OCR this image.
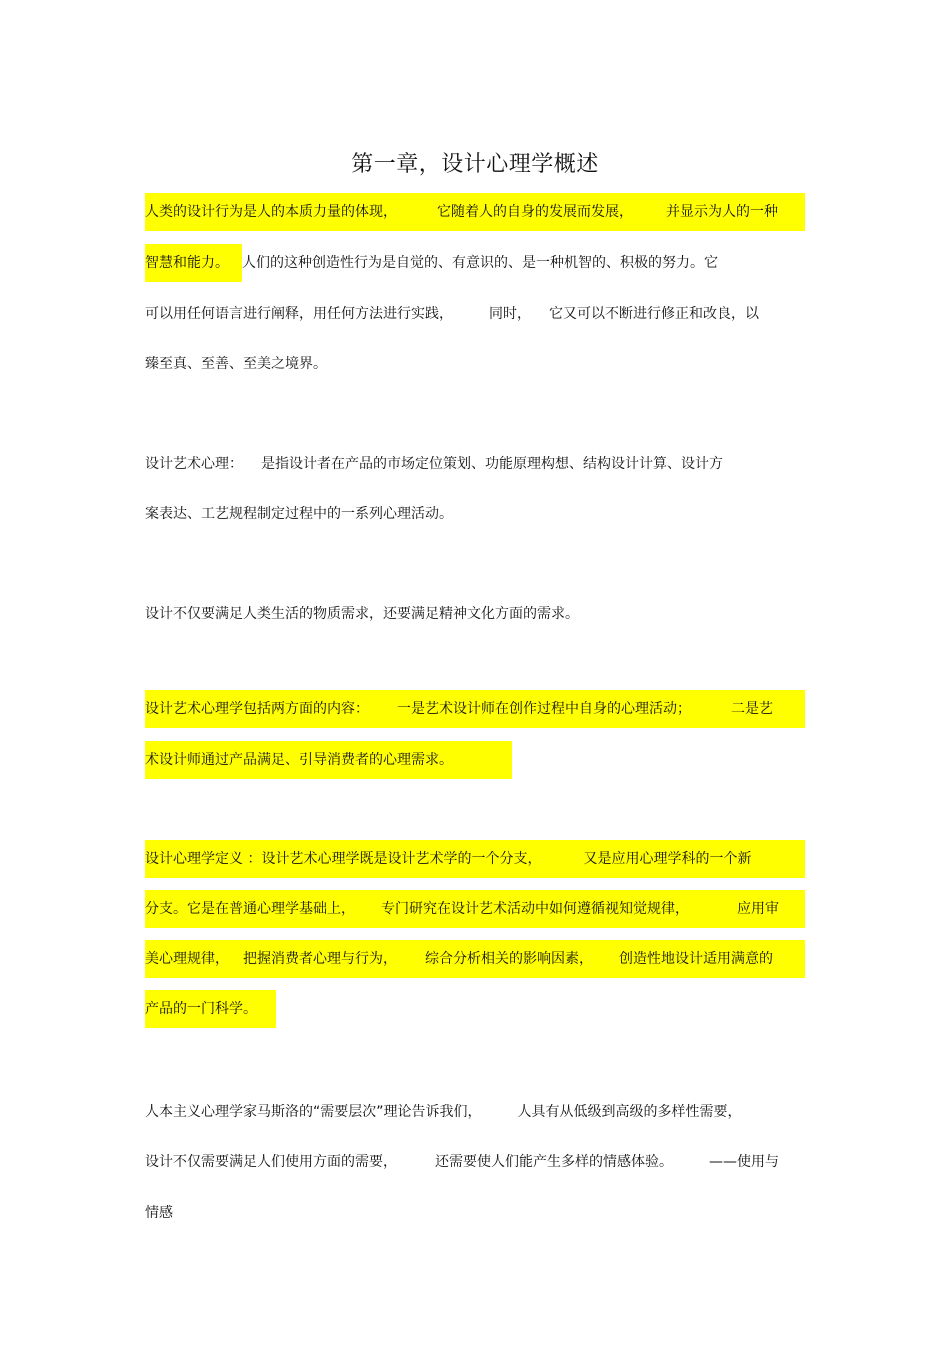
第一章，设计心理学概述
人类的设计行为是人的本质力量的体现，	它随着人的自身的发展而发展， 并显示为人的一种
智慧和能力。 人们的这种创造性行为是自觉的、有意识的、是一种机智的、积极的努力。它
可以用任何语言进行阐释，用任何方法进行实践，	同时， 它又可以不断进行修正和改良，以
臻至真、至善、至美之境界。
设计艺术心理： 是指设计者在产品的市场定位策划、功能原理构想、结构设计计算、设计方
案表达、工艺规程制定过程中的一系列心理活动。
设计不仅要满足人类生活的物质需求，还要满足精神文化方面的需求。
设计艺术心理学包括两方面的内容： 一是艺术设计师在创作过程中自身的心理活动；	二是艺
术设计师通过产品满足、引导消费者的心理需求。
设计心理学定义 ：设计艺术心理学既是设计艺术学的一个分支，	又是应用心理学科的一个新
分支。它是在普通心理学基础上， 专门研究在设计艺术活动中如何遵循视知觉规律，	应用审
美心理规律， 把握消费者心理与行为， 综合分析相关的影响因素， 创造性地设计适用满意的
产品的一门科学。
人本主义心理学家马斯洛的“需要层次”理论告诉我们，	人具有从低级到高级的多样性需要，
设计不仅需要满足人们使用方面的需要，	还需要使人们能产生多样的情感体验。	——使用与
情感
